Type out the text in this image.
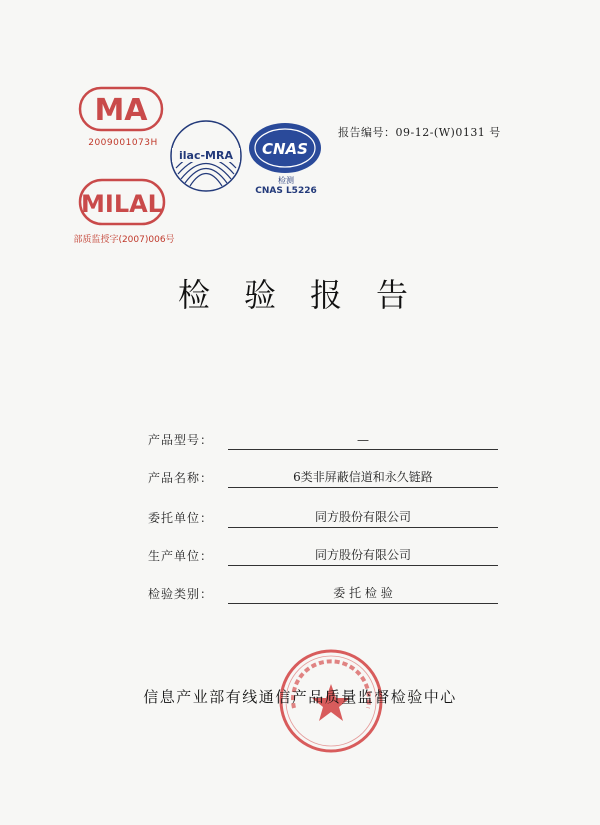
MA
2009001073H
ilac-MRA CNAS
检测
CNAS L5226
MILAL
部质监授字(2007)006号
报告编号：09-12-(W)0131 号
检验报告
产品型号：	—
产品名称：	6类非屏蔽信道和永久链路
委托单位：	同方股份有限公司
生产单位：	同方股份有限公司
检验类别：	委 托 检 验
信息产业部有线通信产品质量监督检验中心
